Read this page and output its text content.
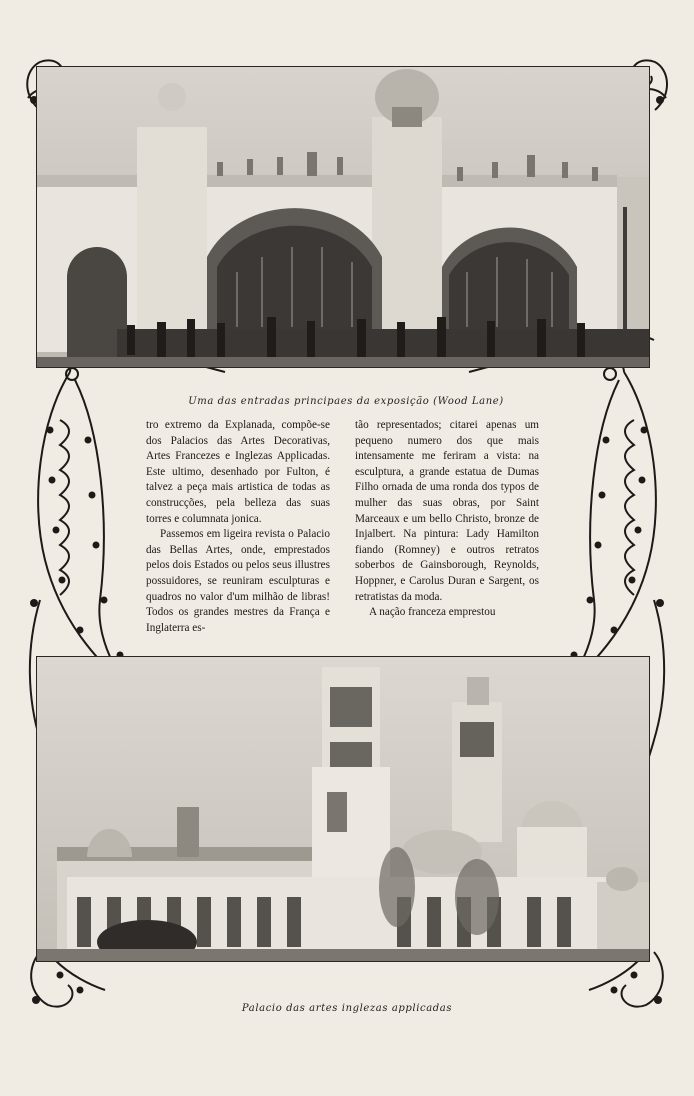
Uma das entradas principaes da exposição (Wood Lane)

tro extremo da Explanada, compõe-se dos Palacios das Artes Decorativas, Artes Francezes e Inglezas Applicadas. Este ultimo, desenhado por Fulton, é talvez a peça mais artistica de todas as construcções, pela belleza das suas torres e columnata jonica.

Passemos em ligeira revista o Palacio das Bellas Artes, onde, emprestados pelos dois Estados ou pelos seus illustres possuidores, se reuniram esculpturas e quadros no valor d'um milhão de libras! Todos os grandes mestres da França e Inglaterra es-

tão representados; citarei apenas um pequeno numero dos que mais intensamente me feriram a vista: na esculptura, a grande estatua de Dumas Filho ornada de uma ronda dos typos de mulher das suas obras, por Saint Marceaux e um bello Christo, bronze de Injalbert. Na pintura: Lady Hamilton fiando (Romney) e outros retratos soberbos de Gainsborough, Reynolds, Hoppner, e Carolus Duran e Sargent, os retratistas da moda.

A nação franceza emprestou

Palacio das artes inglezas applicadas
